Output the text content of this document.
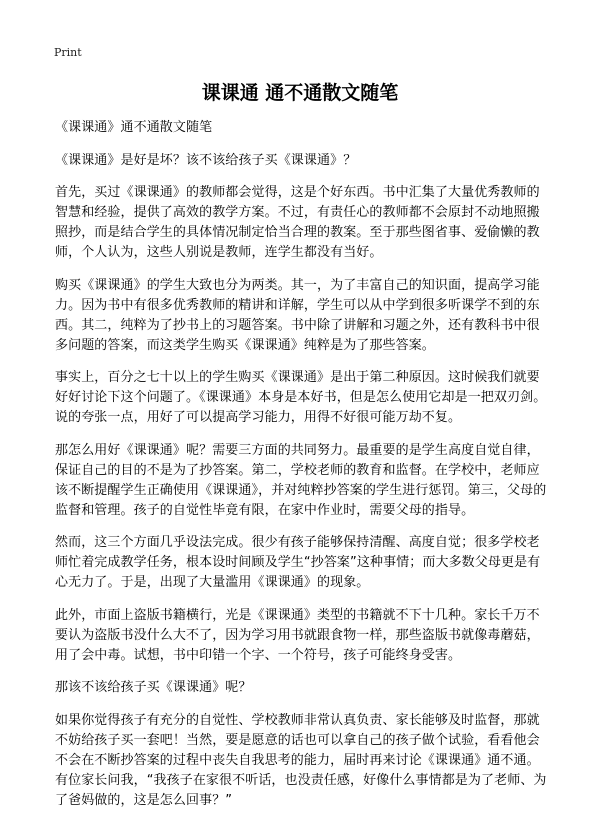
Print
课课通 通不通散文随笔

《课课通》通不通散文随笔

《课课通》是好是坏？该不该给孩子买《课课通》？

首先，买过《课课通》的教师都会觉得，这是个好东西。书中汇集了大量优秀教师的智慧和经验，提供了高效的教学方案。不过，有责任心的教师都不会原封不动地照搬照抄，而是结合学生的具体情况制定恰当合理的教案。至于那些图省事、爱偷懒的教师，个人认为，这些人别说是教师，连学生都没有当好。

购买《课课通》的学生大致也分为两类。其一，为了丰富自己的知识面，提高学习能力。因为书中有很多优秀教师的精讲和详解，学生可以从中学到很多听课学不到的东西。其二，纯粹为了抄书上的习题答案。书中除了讲解和习题之外，还有教科书中很多问题的答案，而这类学生购买《课课通》纯粹是为了那些答案。

事实上，百分之七十以上的学生购买《课课通》是出于第二种原因。这时候我们就要好好讨论下这个问题了。《课课通》本身是本好书，但是怎么使用它却是一把双刃剑。说的夸张一点，用好了可以提高学习能力，用得不好很可能万劫不复。

那怎么用好《课课通》呢？需要三方面的共同努力。最重要的是学生高度自觉自律，保证自己的目的不是为了抄答案。第二，学校老师的教育和监督。在学校中，老师应该不断提醒学生正确使用《课课通》，并对纯粹抄答案的学生进行惩罚。第三，父母的监督和管理。孩子的自觉性毕竟有限，在家中作业时，需要父母的指导。

然而，这三个方面几乎设法完成。很少有孩子能够保持清醒、高度自觉；很多学校老师忙着完成教学任务，根本设时间顾及学生“抄答案”这种事情；而大多数父母更是有心无力了。于是，出现了大量滥用《课课通》的现象。

此外，市面上盗版书籍横行，光是《课课通》类型的书籍就不下十几种。家长千万不要认为盗版书没什么大不了，因为学习用书就跟食物一样，那些盗版书就像毒蘑菇，用了会中毒。试想，书中印错一个字、一个符号，孩子可能终身受害。

那该不该给孩子买《课课通》呢？

如果你觉得孩子有充分的自觉性、学校教师非常认真负责、家长能够及时监督，那就不妨给孩子买一套吧！当然，要是愿意的话也可以拿自己的孩子做个试验，看看他会不会在不断抄答案的过程中丧失自我思考的能力，届时再来讨论《课课通》通不通。有位家长问我，“我孩子在家很不听话，也没责任感，好像什么事情都是为了老师、为了爸妈做的，这是怎么回事？”
